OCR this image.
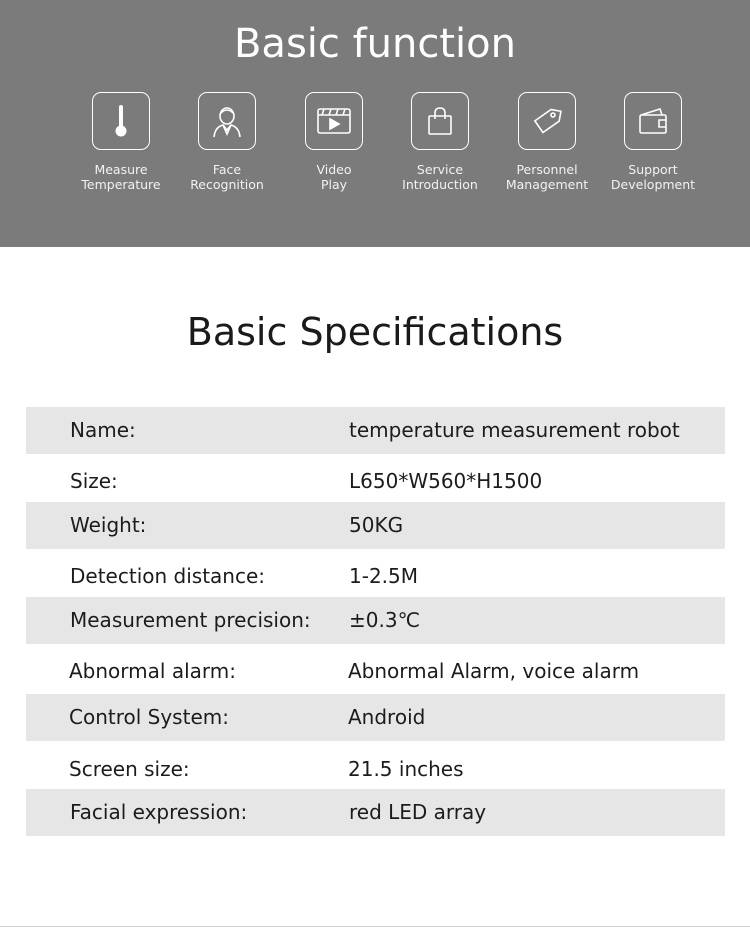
Basic function
Measure
Temperature
Face
Recognition
Video
Play
Service
Introduction
Personnel
Management
Support
Development
Basic Specifications
Name:	temperature measurement robot
Size:	L650*W560*H1500
Weight:	50KG
Detection distance:	1-2.5M
Measurement precision: ±0.3℃
Abnormal alarm:	Abnormal Alarm, voice alarm
Control System:	Android
Screen size:	21.5 inches
Facial expression:	red LED array
